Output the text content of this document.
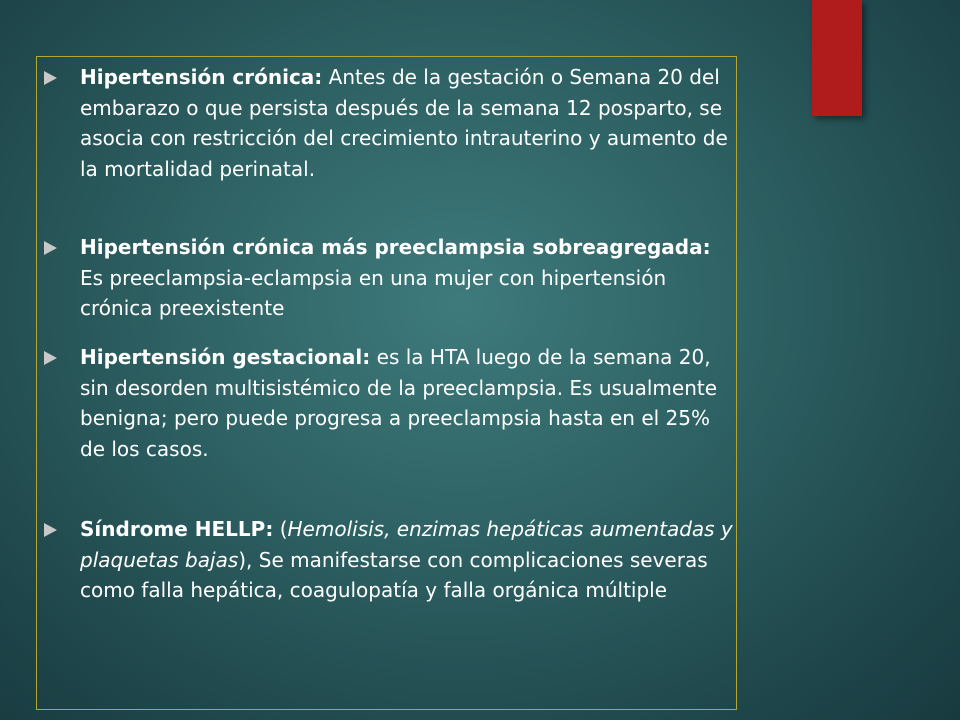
Hipertensión crónica: Antes de la gestación o Semana 20 del embarazo o que persista después de la semana 12 posparto, se asocia con restricción del crecimiento intrauterino y aumento de la mortalidad perinatal.
Hipertensión crónica más preeclampsia sobreagregada: Es preeclampsia-eclampsia en una mujer con hipertensión crónica preexistente
Hipertensión gestacional: es la HTA luego de la semana 20, sin desorden multisistémico de la preeclampsia. Es usualmente benigna; pero puede progresa a preeclampsia hasta en el 25% de los casos.
Síndrome HELLP: (Hemolisis, enzimas hepáticas aumentadas y plaquetas bajas), Se manifestarse con complicaciones severas como falla hepática, coagulopatía y falla orgánica múltiple
